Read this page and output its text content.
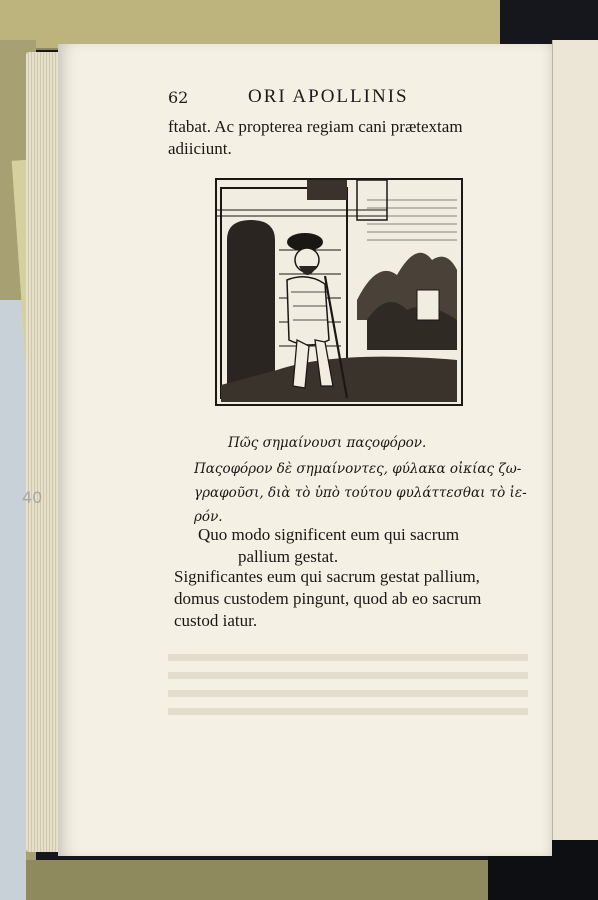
40
62	ORI APOLLINIS
ftabat. Ac propterea regiam cani prætextam
adiiciunt.
Πῶς σημαίνουσι παςοφόρον.
Παςοφόρον δὲ σημαίνοντες, φύλακα οἰκίας ζω-
γραφοῦσι, διὰ τὸ ὑπὸ τούτου φυλάττεσθαι τὸ ἱε-
ρόν.
Quo modo significent eum qui sacrum
pallium gestat.
Significantes eum qui sacrum gestat pallium,
domus custodem pingunt, quod ab eo sacrum
custod iatur.
